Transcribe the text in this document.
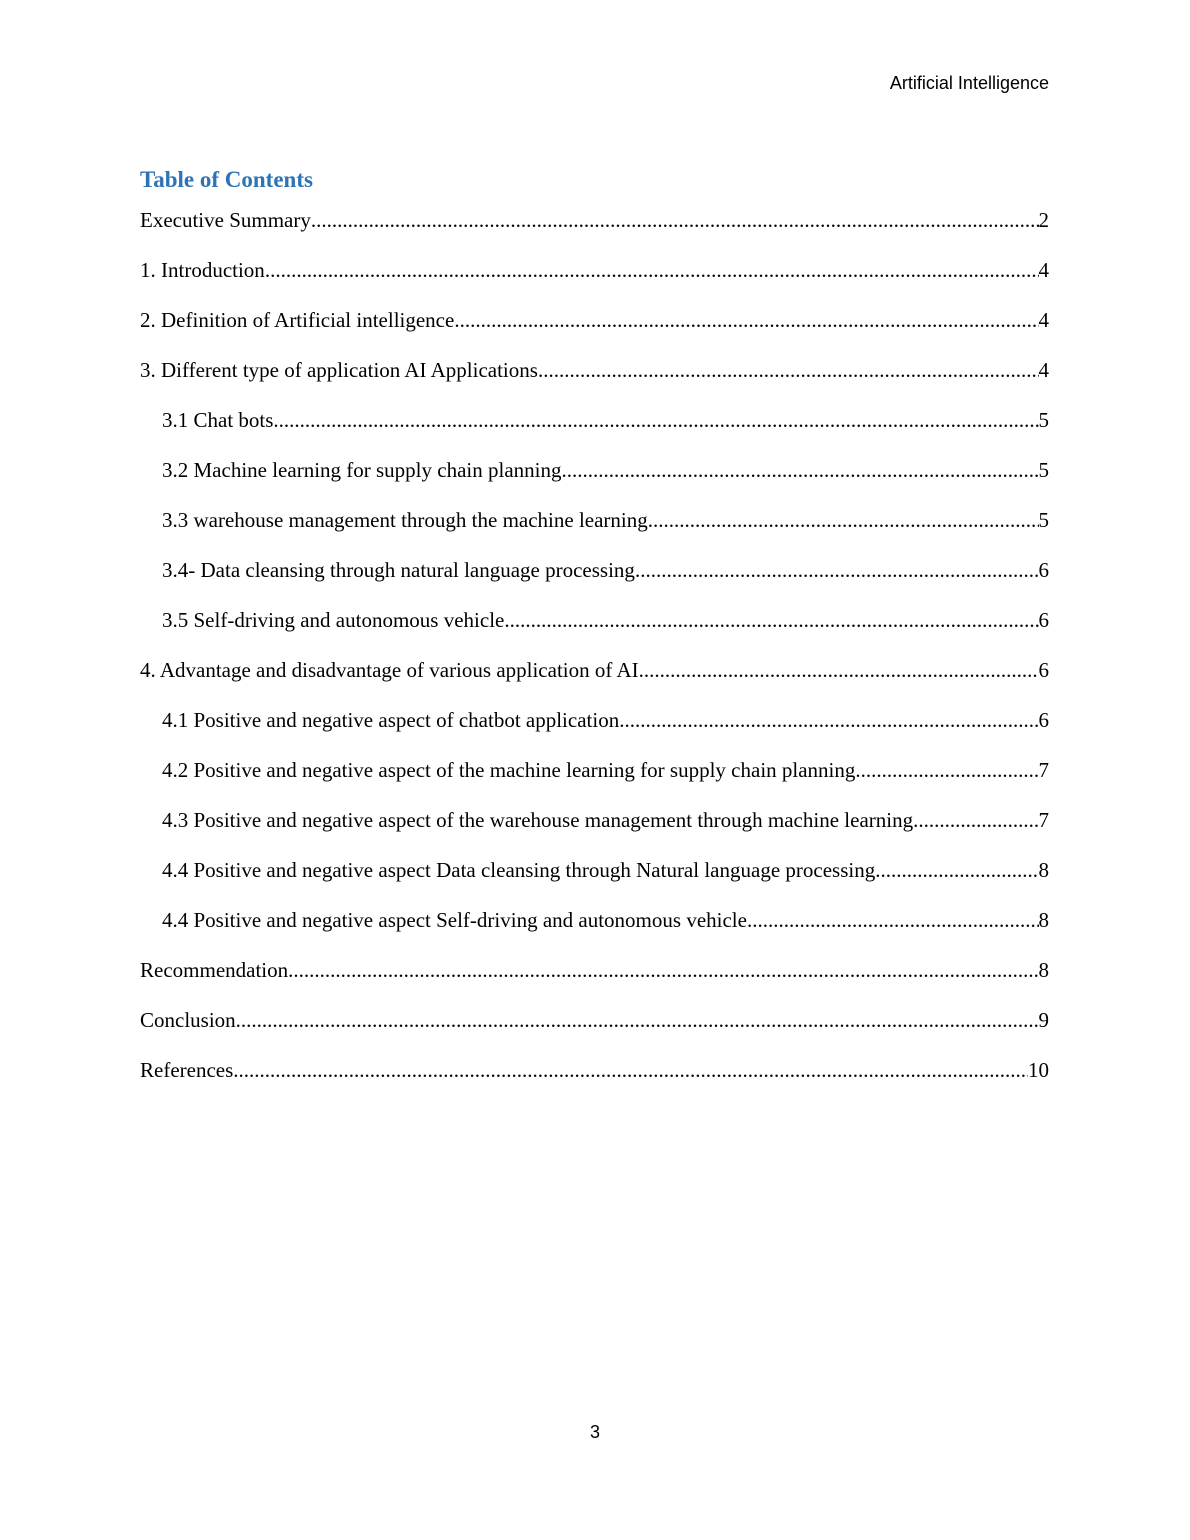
Artificial Intelligence
Table of Contents
Executive Summary .....	2
1. Introduction .....	4
2. Definition of Artificial intelligence .....	4
3. Different type of application AI Applications .....	4
3.1 Chat bots .....	5
3.2 Machine learning for supply chain planning .....	5
3.3 warehouse management through the machine learning .....	5
3.4- Data cleansing through natural language processing .....	6
3.5 Self-driving and autonomous vehicle .....	6
4. Advantage and disadvantage of various application of AI .....	6
4.1 Positive and negative aspect of chatbot application .....	6
4.2 Positive and negative aspect of the machine learning for supply chain planning .....	7
4.3 Positive and negative aspect of the warehouse management through machine learning .....	7
4.4 Positive and negative aspect Data cleansing through Natural language processing .....	8
4.4 Positive and negative aspect Self-driving and autonomous vehicle .....	8
Recommendation .....	8
Conclusion .....	9
References .....	10
3
